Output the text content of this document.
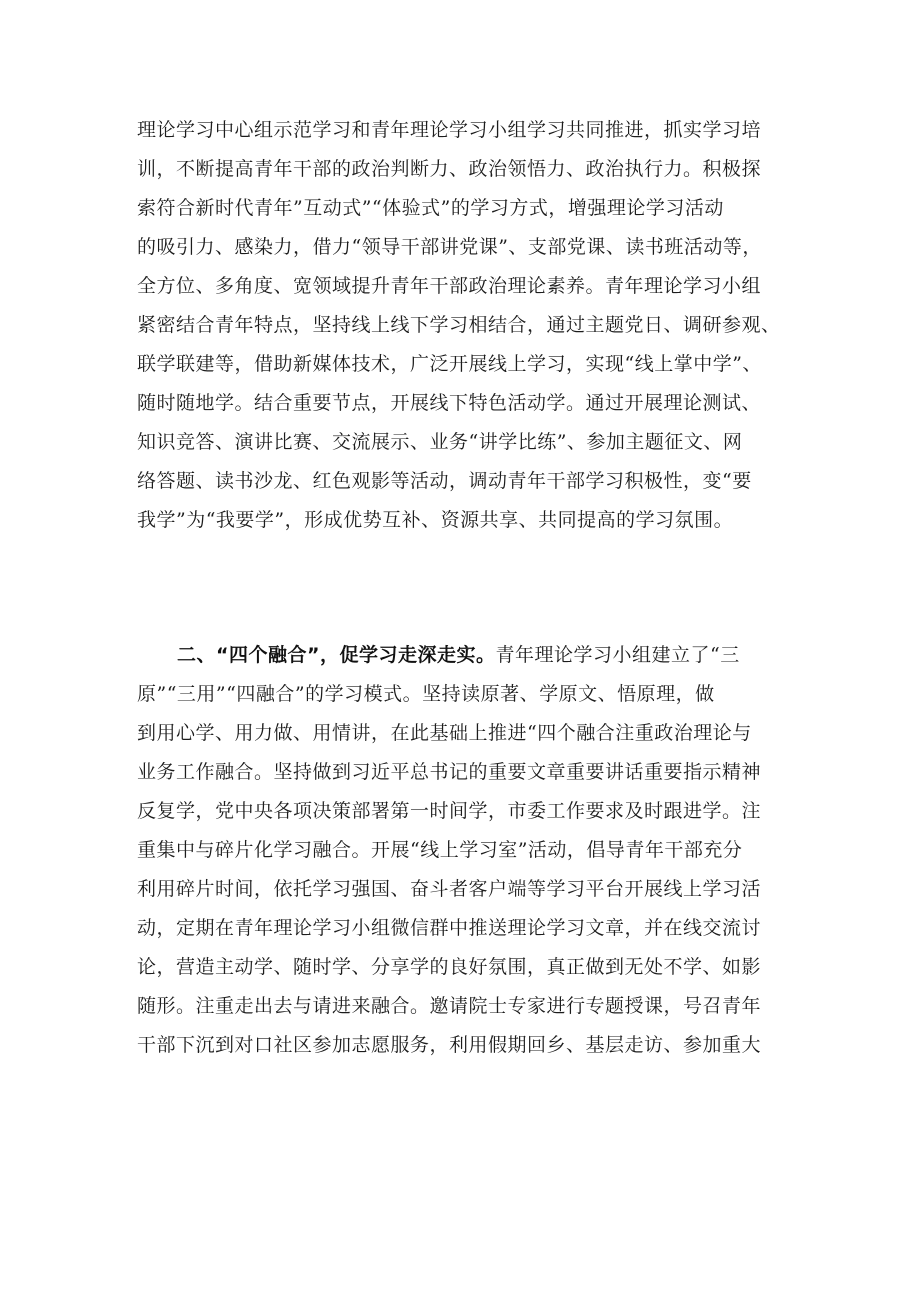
理论学习中心组示范学习和青年理论学习小组学习共同推进，抓实学习培
训，不断提高青年干部的政治判断力、政治领悟力、政治执行力。积极探
索符合新时代青年”互动式”“体验式”的学习方式，增强理论学习活动
的吸引力、感染力，借力“领导干部讲党课”、支部党课、读书班活动等，
全方位、多角度、宽领域提升青年干部政治理论素养。青年理论学习小组
紧密结合青年特点，坚持线上线下学习相结合，通过主题党日、调研参观、
联学联建等，借助新媒体技术，广泛开展线上学习，实现“线上掌中学”、
随时随地学。结合重要节点，开展线下特色活动学。通过开展理论测试、
知识竞答、演讲比赛、交流展示、业务“讲学比练”、参加主题征文、网
络答题、读书沙龙、红色观影等活动，调动青年干部学习积极性，变“要
我学”为“我要学”，形成优势互补、资源共享、共同提高的学习氛围。
二、“四个融合”，促学习走深走实。青年理论学习小组建立了“三
原”“三用”“四融合”的学习模式。坚持读原著、学原文、悟原理，做
到用心学、用力做、用情讲，在此基础上推进“四个融合注重政治理论与
业务工作融合。坚持做到习近平总书记的重要文章重要讲话重要指示精神
反复学，党中央各项决策部署第一时间学，市委工作要求及时跟进学。注
重集中与碎片化学习融合。开展“线上学习室”活动，倡导青年干部充分
利用碎片时间，依托学习强国、奋斗者客户端等学习平台开展线上学习活
动，定期在青年理论学习小组微信群中推送理论学习文章，并在线交流讨
论，营造主动学、随时学、分享学的良好氛围，真正做到无处不学、如影
随形。注重走出去与请进来融合。邀请院士专家进行专题授课，号召青年
干部下沉到对口社区参加志愿服务，利用假期回乡、基层走访、参加重大
